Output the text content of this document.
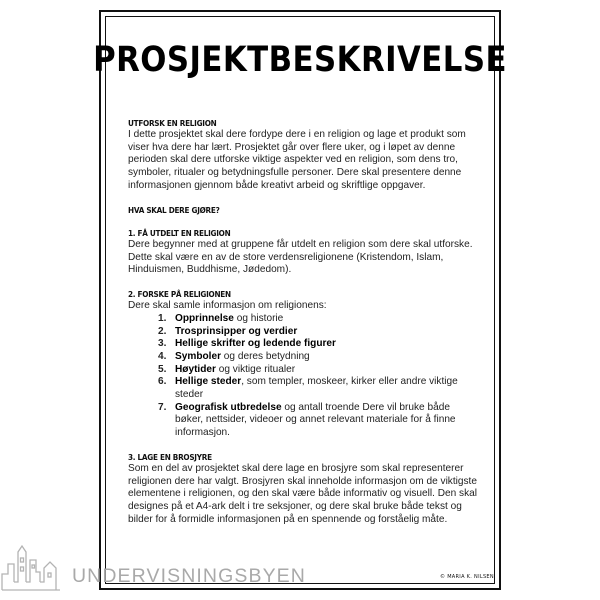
PROSJEKTBESKRIVELSE
UTFORSK EN RELIGION

I dette prosjektet skal dere fordype dere i en religion og lage et produkt som viser hva dere har lært. Prosjektet går over flere uker, og i løpet av denne perioden skal dere utforske viktige aspekter ved en religion, som dens tro, symboler, ritualer og betydningsfulle personer. Dere skal presentere denne informasjonen gjennom både kreativt arbeid og skriftlige oppgaver.

HVA SKAL DERE GJØRE?
1. FÅ UTDELT EN RELIGION

Dere begynner med at gruppene får utdelt en religion som dere skal utforske. Dette skal være en av de store verdensreligionene (Kristendom, Islam, Hinduismen, Buddhisme, Jødedom).

2. FORSKE PÅ RELIGIONEN

Dere skal samle informasjon om religionens:

1. Opprinnelse og historie
2. Trosprinsipper og verdier
3. Hellige skrifter og ledende figurer
4. Symboler og deres betydning
5. Høytider og viktige ritualer
6. Hellige steder, som templer, moskeer, kirker eller andre viktige steder
7. Geografisk utbredelse og antall troende Dere vil bruke både bøker, nettsider, videoer og annet relevant materiale for å finne informasjon.
3. LAGE EN BROSJYRE

Som en del av prosjektet skal dere lage en brosjyre som skal representerer religionen dere har valgt. Brosjyren skal inneholde informasjon om de viktigste elementene i religionen, og den skal være både informativ og visuell. Den skal designes på et A4-ark delt i tre seksjoner, og dere skal bruke både tekst og bilder for å formidle informasjonen på en spennende og forståelig måte.

© MARIA K. NILSEN
UNDERVISNINGSBYEN
